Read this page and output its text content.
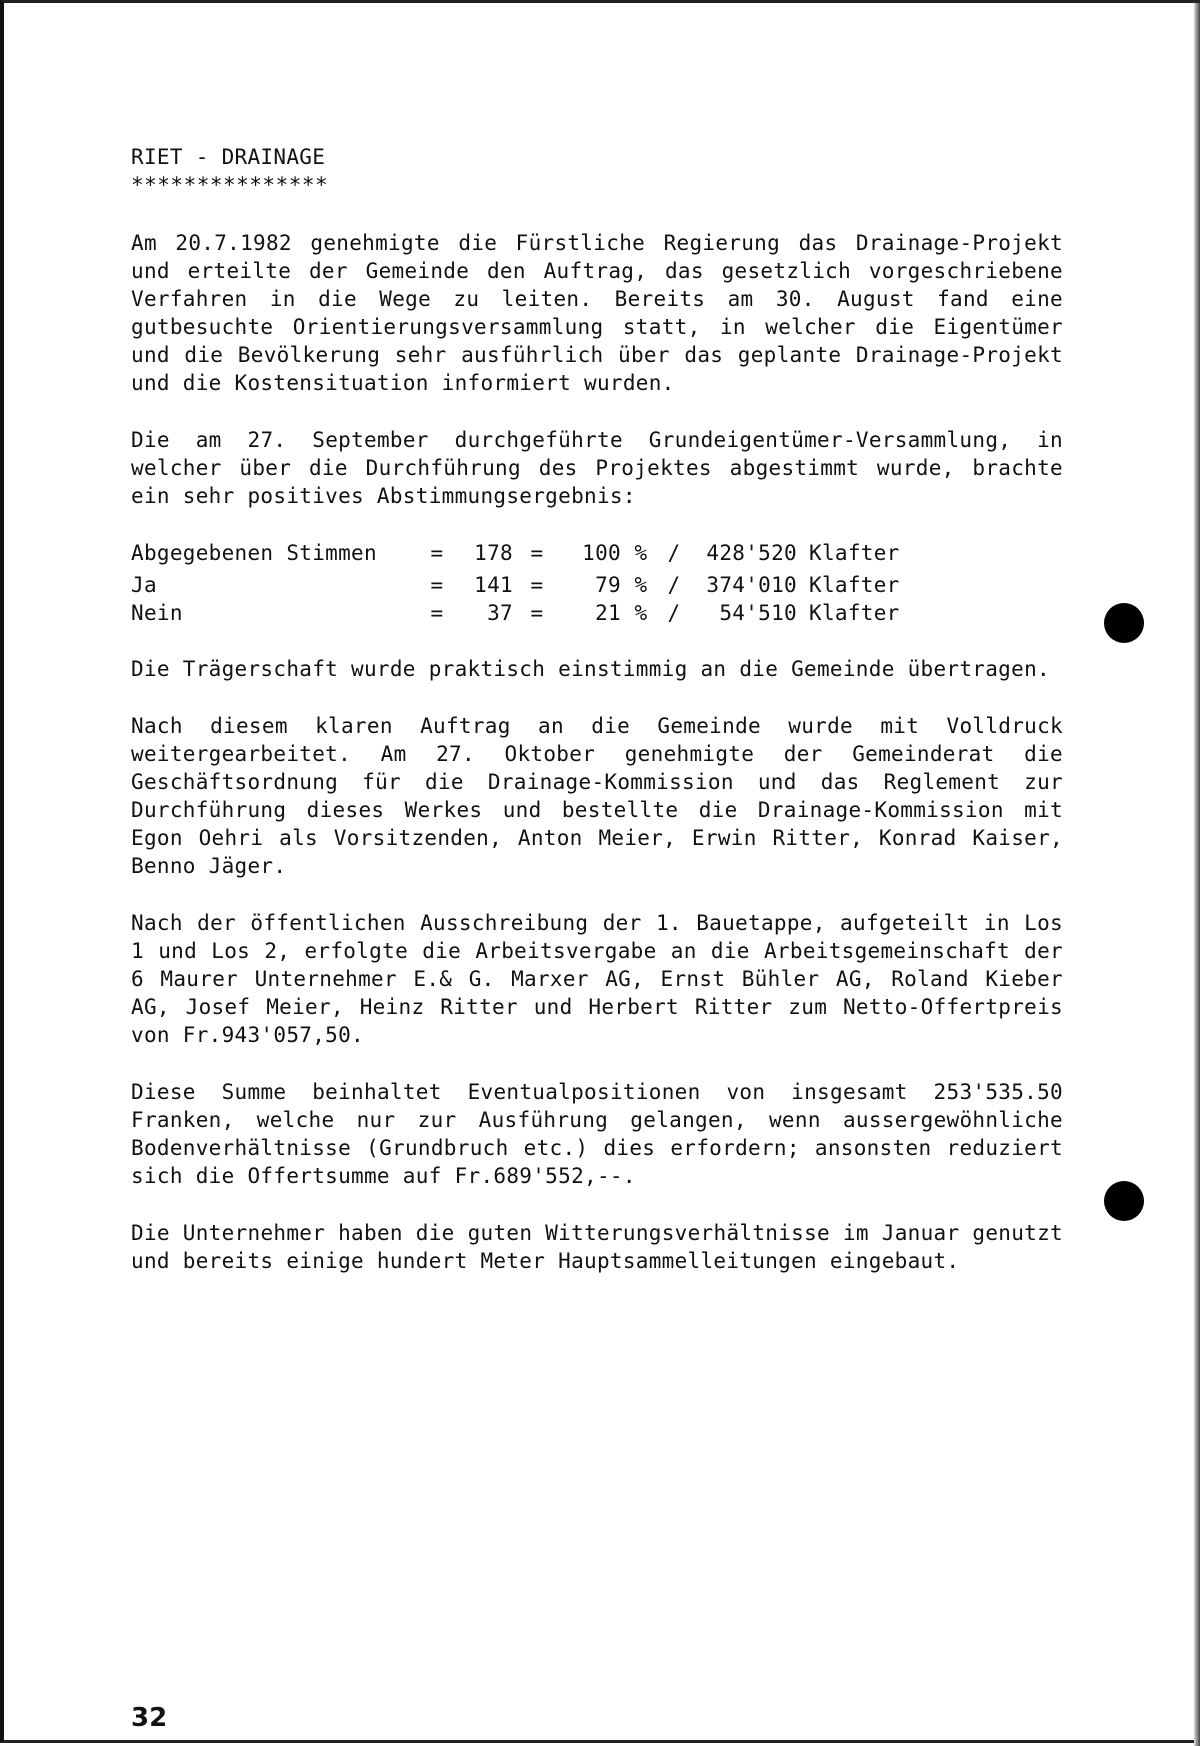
RIET - DRAINAGE
***************

Am 20.7.1982 genehmigte die Fürstliche Regierung das Drainage-Projekt und erteilte der Gemeinde den Auftrag, das gesetzlich vorgeschriebene Verfahren in die Wege zu leiten. Bereits am 30. August fand eine gutbesuchte Orientierungsversammlung statt, in welcher die Eigentümer und die Bevölkerung sehr ausführlich über das geplante Drainage-Projekt und die Kostensituation informiert wurden.

Die am 27. September durchgeführte Grundeigentümer-Versammlung, in welcher über die Durchführung des Projektes abgestimmt wurde, brachte ein sehr positives Abstimmungsergebnis:

Abgegebenen Stimmen	=	178 =	100 % /	428'520 Klafter
Ja	=	141 =	79 % /	374'010 Klafter
Nein	=	37 =	21 % /	54'510 Klafter

Die Trägerschaft wurde praktisch einstimmig an die Gemeinde übertragen.

Nach diesem klaren Auftrag an die Gemeinde wurde mit Volldruck weitergearbeitet. Am 27. Oktober genehmigte der Gemeinderat die Geschäftsordnung für die Drainage-Kommission und das Reglement zur Durchführung dieses Werkes und bestellte die Drainage-Kommission mit Egon Oehri als Vorsitzenden, Anton Meier, Erwin Ritter, Konrad Kaiser, Benno Jäger.

Nach der öffentlichen Ausschreibung der 1. Bauetappe, aufgeteilt in Los 1 und Los 2, erfolgte die Arbeitsvergabe an die Arbeitsgemeinschaft der 6 Maurer Unternehmer E.& G. Marxer AG, Ernst Bühler AG, Roland Kieber AG, Josef Meier, Heinz Ritter und Herbert Ritter zum Netto-Offertpreis von Fr.943'057,50.

Diese Summe beinhaltet Eventualpositionen von insgesamt 253'535.50 Franken, welche nur zur Ausführung gelangen, wenn aussergewöhnliche Bodenverhältnisse (Grundbruch etc.) dies erfordern; ansonsten reduziert sich die Offertsumme auf Fr.689'552,--.

Die Unternehmer haben die guten Witterungsverhältnisse im Januar genutzt und bereits einige hundert Meter Hauptsammelleitungen eingebaut.

32
